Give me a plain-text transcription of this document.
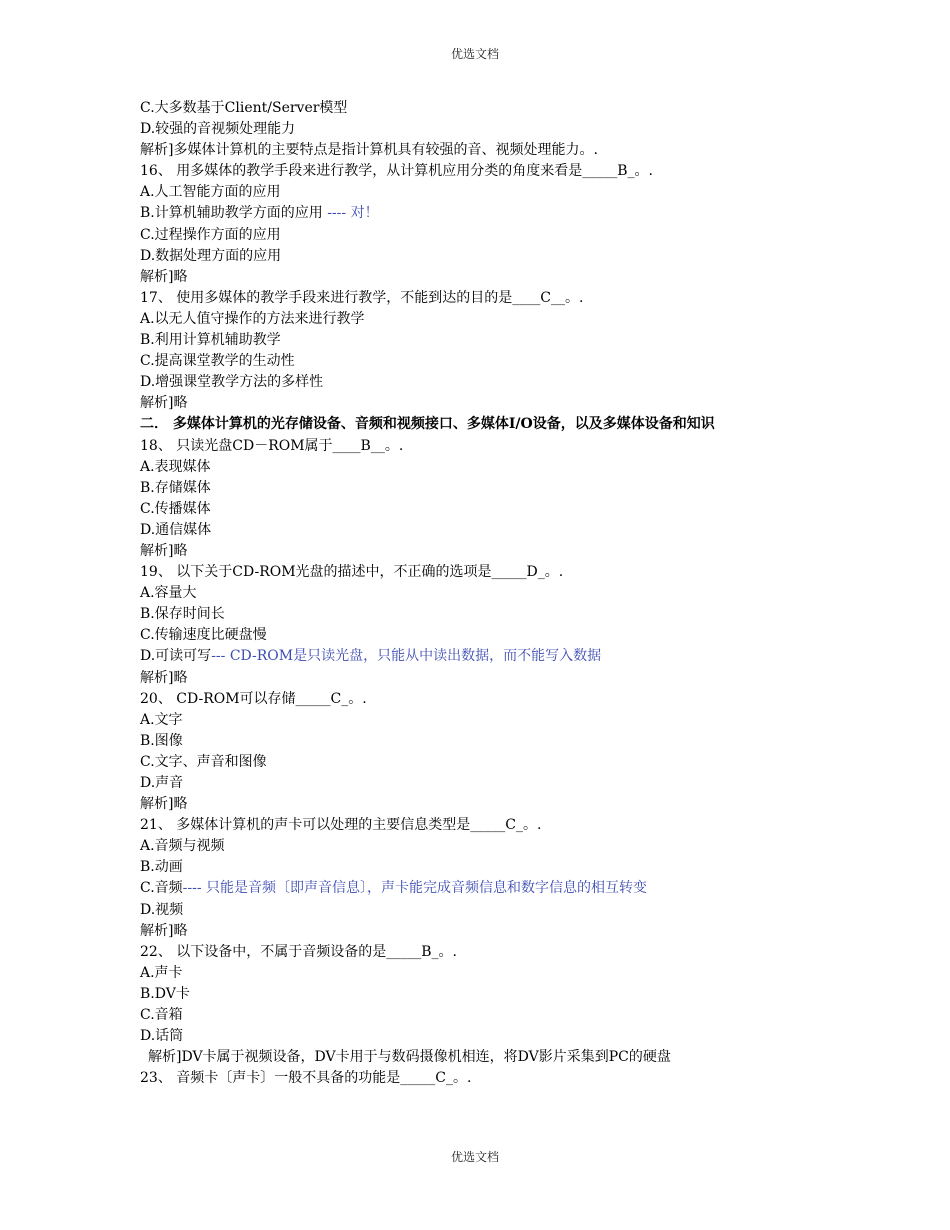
优选文档
C.大多数基于Client/Server模型
D.较强的音视频处理能力
解析]多媒体计算机的主要特点是指计算机具有较强的音、视频处理能力。.
16、 用多媒体的教学手段来进行教学，从计算机应用分类的角度来看是_____B_。.
A.人工智能方面的应用
B.计算机辅助教学方面的应用 ---- 对！
C.过程操作方面的应用
D.数据处理方面的应用
解析]略
17、 使用多媒体的教学手段来进行教学，不能到达的目的是____C__。.
A.以无人值守操作的方法来进行教学
B.利用计算机辅助教学
C.提高课堂教学的生动性
D.增强课堂教学方法的多样性
解析]略
二． 多媒体计算机的光存储设备、音频和视频接口、多媒体I/O设备，以及多媒体设备和知识
18、 只读光盘CD－ROM属于____B__。.
A.表现媒体
B.存储媒体
C.传播媒体
D.通信媒体
解析]略
19、 以下关于CD-ROM光盘的描述中，不正确的选项是_____D_。.
A.容量大
B.保存时间长
C.传输速度比硬盘慢
D.可读可写--- CD-ROM是只读光盘，只能从中读出数据，而不能写入数据
解析]略
20、 CD-ROM可以存储_____C_。.
A.文字
B.图像
C.文字、声音和图像
D.声音
解析]略
21、 多媒体计算机的声卡可以处理的主要信息类型是_____C_。.
A.音频与视频
B.动画
C.音频---- 只能是音频〔即声音信息〕，声卡能完成音频信息和数字信息的相互转变
D.视频
解析]略
22、 以下设备中，不属于音频设备的是_____B_。.
A.声卡
B.DV卡
C.音箱
D.话筒
解析]DV卡属于视频设备，DV卡用于与数码摄像机相连，将DV影片采集到PC的硬盘
23、 音频卡〔声卡〕一般不具备的功能是_____C_。.
优选文档
